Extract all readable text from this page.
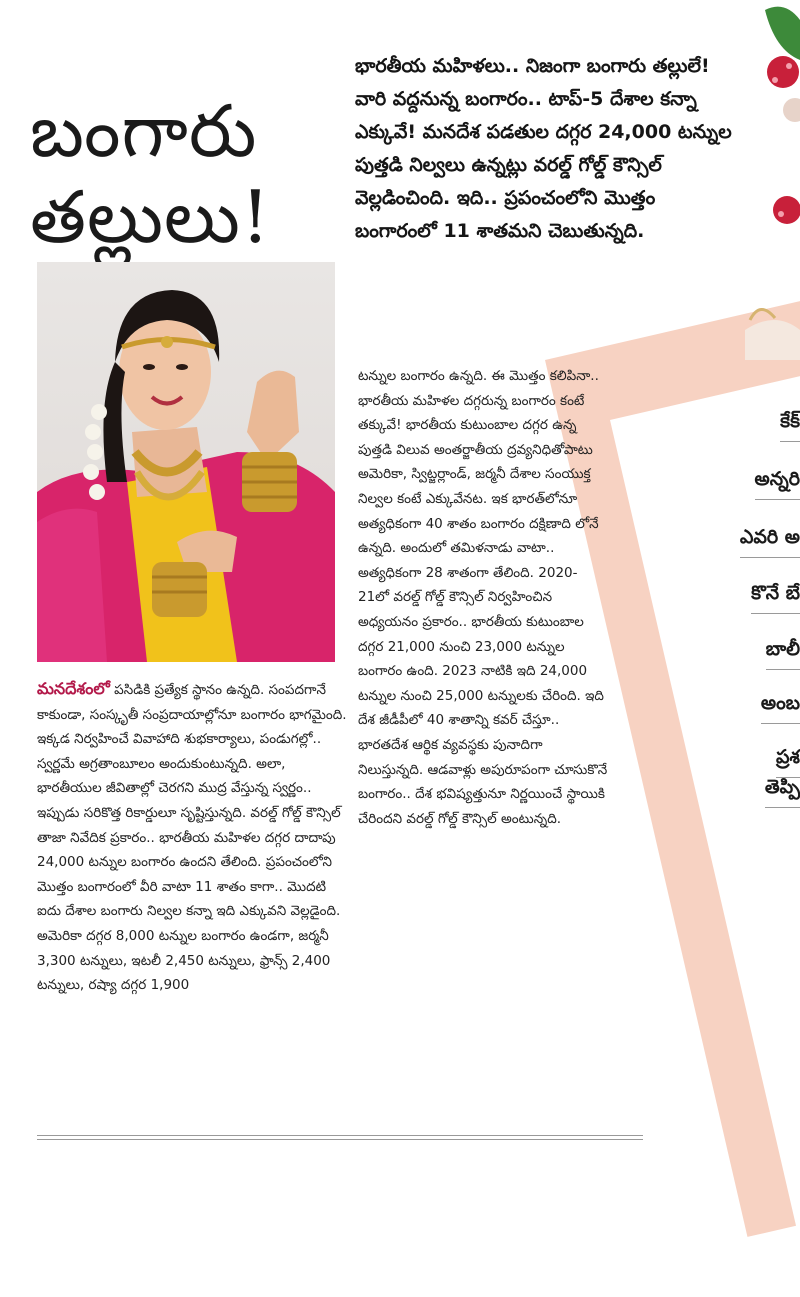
బంగారు
తల్లులు!

భారతీయ మహిళలు.. నిజంగా బంగారు తల్లులే! వారి వద్దనున్న బంగారం.. టాప్‌-5 దేశాల కన్నా ఎక్కువే! మనదేశ పడతుల దగ్గర 24,000 టన్నుల పుత్తడి నిల్వలు ఉన్నట్లు వరల్డ్‌ గోల్డ్‌ కౌన్సిల్‌ వెల్లడించింది. ఇది.. ప్రపంచంలోని మొత్తం బంగారంలో 11 శాతమని చెబుతున్నది.

మనదేశంలో పసిడికి ప్రత్యేక స్థానం ఉన్నది. సంపదగానే కాకుండా, సంస్కృతీ సంప్రదాయాల్లోనూ బంగారం భాగమైంది. ఇక్కడ నిర్వహించే వివాహాది శుభకార్యాలు, పండుగల్లో.. స్వర్ణమే అగ్రతాంబూలం అందుకుంటున్నది. అలా, భారతీయుల జీవితాల్లో చెరగని ముద్ర వేస్తున్న స్వర్ణం.. ఇప్పుడు సరికొత్త రికార్డులూ సృష్టిస్తున్నది. వరల్డ్‌ గోల్డ్‌ కౌన్సిల్‌ తాజా నివేదిక ప్రకారం.. భారతీయ మహిళల దగ్గర దాదాపు 24,000 టన్నుల బంగారం ఉందని తేలింది. ప్రపంచంలోని మొత్తం బంగారంలో వీరి వాటా 11 శాతం కాగా.. మొదటి ఐదు దేశాల బంగారు నిల్వల కన్నా ఇది ఎక్కువని వెల్లడైంది. అమెరికా దగ్గర 8,000 టన్నుల బంగారం ఉండగా, జర్మనీ 3,300 టన్నులు, ఇటలీ 2,450 టన్నులు, ఫ్రాన్స్‌ 2,400 టన్నులు, రష్యా దగ్గర 1,900

టన్నుల బంగారం ఉన్నది. ఈ మొత్తం కలిపినా.. భారతీయ మహిళల దగ్గరున్న బంగారం కంటే తక్కువే! భారతీయ కుటుంబాల దగ్గర ఉన్న పుత్తడి విలువ అంతర్జాతీయ ద్రవ్యనిధితోపాటు అమెరికా, స్విట్జర్లాండ్‌, జర్మనీ దేశాల సంయుక్త నిల్వల కంటే ఎక్కువేనట. ఇక భారత్‌లోనూ అత్యధికంగా 40 శాతం బంగారం దక్షిణాది లోనే ఉన్నది. అందులో తమిళనాడు వాటా.. అత్యధికంగా 28 శాతంగా తేలింది. 2020-21లో వరల్డ్‌ గోల్డ్‌ కౌన్సిల్‌ నిర్వహించిన అధ్యయనం ప్రకారం.. భారతీయ కుటుంబాల దగ్గర 21,000 నుంచి 23,000 టన్నుల బంగారం ఉంది. 2023 నాటికి ఇది 24,000 టన్నుల నుంచి 25,000 టన్నులకు చేరింది. ఇది దేశ జీడీపీలో 40 శాతాన్ని కవర్‌ చేస్తూ.. భారతదేశ ఆర్థిక వ్యవస్థకు పునాదిగా నిలుస్తున్నది. ఆడవాళ్లు అపురూపంగా చూసుకొనే బంగారం.. దేశ భవిష్యత్తునూ నిర్ణయించే స్థాయికి చేరిందని వరల్డ్‌ గోల్డ్‌ కౌన్సిల్‌ అంటున్నది.

కేక్
అన్నరి
ఎవరి అ
కొనే బే
బాలీ
అంబ
ప్రశ
తెప్పి
